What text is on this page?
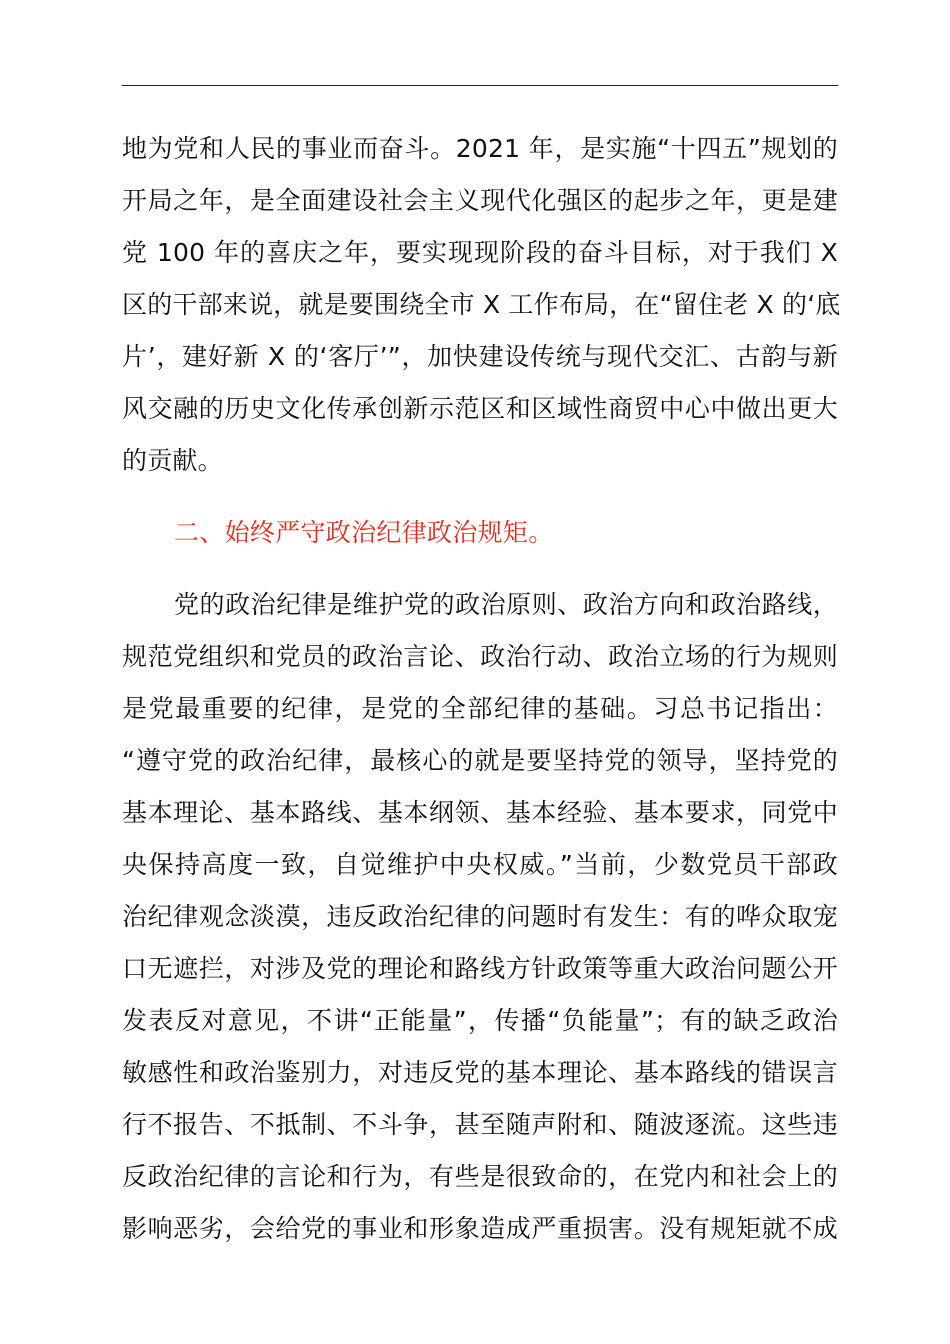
地为党和人民的事业而奋斗。2021 年，是实施“十四五”规划的
开局之年，是全面建设社会主义现代化强区的起步之年，更是建
党 100 年的喜庆之年，要实现现阶段的奋斗目标，对于我们 X
区的干部来说，就是要围绕全市 X 工作布局，在“留住老 X 的‘底
片’，建好新 X 的‘客厅’”，加快建设传统与现代交汇、古韵与新
风交融的历史文化传承创新示范区和区域性商贸中心中做出更大
的贡献。
二、始终严守政治纪律政治规矩。
党的政治纪律是维护党的政治原则、政治方向和政治路线，
规范党组织和党员的政治言论、政治行动、政治立场的行为规则
是党最重要的纪律，是党的全部纪律的基础。习总书记指出：
“遵守党的政治纪律，最核心的就是要坚持党的领导，坚持党的
基本理论、基本路线、基本纲领、基本经验、基本要求，同党中
央保持高度一致，自觉维护中央权威。”当前，少数党员干部政
治纪律观念淡漠，违反政治纪律的问题时有发生：有的哗众取宠
口无遮拦，对涉及党的理论和路线方针政策等重大政治问题公开
发表反对意见，不讲“正能量”，传播“负能量”；有的缺乏政治
敏感性和政治鉴别力，对违反党的基本理论、基本路线的错误言
行不报告、不抵制、不斗争，甚至随声附和、随波逐流。这些违
反政治纪律的言论和行为，有些是很致命的，在党内和社会上的
影响恶劣，会给党的事业和形象造成严重损害。没有规矩就不成
